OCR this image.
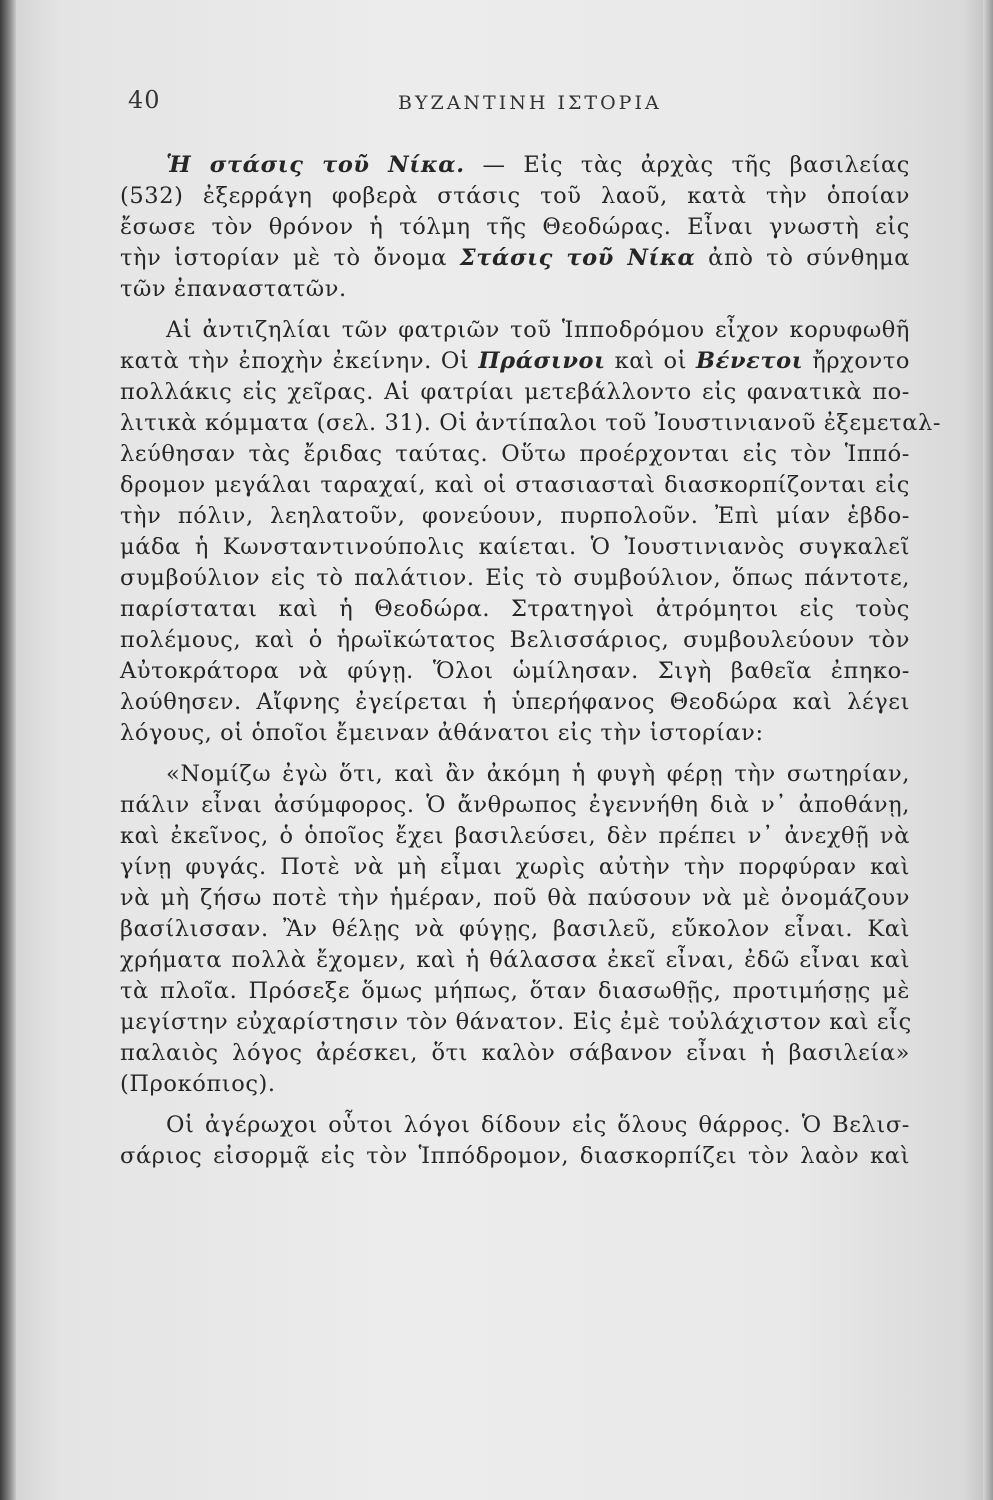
40	ΒΥΖΑΝΤΙΝΗ ΙΣΤΟΡΙΑ
Ἡ στάσις τοῦ Νίκα. — Εἰς τὰς ἀρχὰς τῆς βασιλείας
(532) ἐξερράγη φοβερὰ στάσις τοῦ λαοῦ, κατὰ τὴν ὁποίαν
ἔσωσε τὸν θρόνον ἡ τόλμη τῆς Θεοδώρας. Εἶναι γνωστὴ εἰς
τὴν ἱστορίαν μὲ τὸ ὄνομα Στάσις τοῦ Νίκα ἀπὸ τὸ σύνθημα
τῶν ἐπαναστατῶν.
Αἱ ἀντιζηλίαι τῶν φατριῶν τοῦ Ἱπποδρόμου εἶχον κορυφωθῆ
κατὰ τὴν ἐποχὴν ἐκείνην. Οἱ Πράσινοι καὶ οἱ Βένετοι ἤρχοντο
πολλάκις εἰς χεῖρας. Αἱ φατρίαι μετεβάλλοντο εἰς φανατικὰ πο-
λιτικὰ κόμματα (σελ. 31). Οἱ ἀντίπαλοι τοῦ Ἰουστινιανοῦ ἐξεμεταλ-
λεύθησαν τὰς ἔριδας ταύτας. Οὕτω προέρχονται εἰς τὸν Ἱππό-
δρομον μεγάλαι ταραχαί, καὶ οἱ στασιασταὶ διασκορπίζονται εἰς
τὴν πόλιν, λεηλατοῦν, φονεύουν, πυρπολοῦν. Ἐπὶ μίαν ἑβδο-
μάδα ἡ Κωνσταντινούπολις καίεται. Ὁ Ἰουστινιανὸς συγκαλεῖ
συμβούλιον εἰς τὸ παλάτιον. Εἰς τὸ συμβούλιον, ὅπως πάντοτε,
παρίσταται καὶ ἡ Θεοδώρα. Στρατηγοὶ ἀτρόμητοι εἰς τοὺς
πολέμους, καὶ ὁ ἡρωϊκώτατος Βελισσάριος, συμβουλεύουν τὸν
Αὐτοκράτορα νὰ φύγῃ. Ὅλοι ὡμίλησαν. Σιγὴ βαθεῖα ἐπηκο-
λούθησεν. Αἴφνης ἐγείρεται ἡ ὑπερήφανος Θεοδώρα καὶ λέγει
λόγους, οἱ ὁποῖοι ἔμειναν ἀθάνατοι εἰς τὴν ἱστορίαν:
«Νομίζω ἐγὼ ὅτι, καὶ ἂν ἀκόμη ἡ φυγὴ φέρῃ τὴν σωτηρίαν,
πάλιν εἶναι ἀσύμφορος. Ὁ ἄνθρωπος ἐγεννήθη διὰ ν᾽ ἀποθάνῃ,
καὶ ἐκεῖνος, ὁ ὁποῖος ἔχει βασιλεύσει, δὲν πρέπει ν᾽ ἀνεχθῇ νὰ
γίνῃ φυγάς. Ποτὲ νὰ μὴ εἶμαι χωρὶς αὐτὴν τὴν πορφύραν καὶ
νὰ μὴ ζήσω ποτὲ τὴν ἡμέραν, ποῦ θὰ παύσουν νὰ μὲ ὀνομάζουν
βασίλισσαν. Ἂν θέλῃς νὰ φύγῃς, βασιλεῦ, εὔκολον εἶναι. Καὶ
χρήματα πολλὰ ἔχομεν, καὶ ἡ θάλασσα ἐκεῖ εἶναι, ἐδῶ εἶναι καὶ
τὰ πλοῖα. Πρόσεξε ὅμως μήπως, ὅταν διασωθῇς, προτιμήσῃς μὲ
μεγίστην εὐχαρίστησιν τὸν θάνατον. Εἰς ἐμὲ τοὐλάχιστον καὶ εἷς
παλαιὸς λόγος ἀρέσκει, ὅτι καλὸν σάβανον εἶναι ἡ βασιλεία»
(Προκόπιος).
Οἱ ἀγέρωχοι οὗτοι λόγοι δίδουν εἰς ὅλους θάρρος. Ὁ Βελισ-
σάριος εἰσορμᾷ εἰς τὸν Ἱππόδρομον, διασκορπίζει τὸν λαὸν καὶ
